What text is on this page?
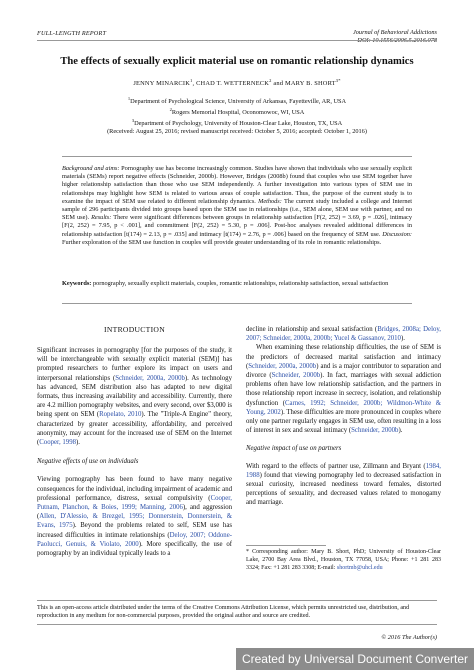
FULL-LENGTH REPORT	Journal of Behavioral Addictions
DOI: 10.1556/2006.5.2016.078
The effects of sexually explicit material use on romantic relationship dynamics
JENNY MINARCIK$^1$, CHAD T. WETTERNECK$^2$ and MARY B. $SHORT^{3*}$
$^1$Department of Psychological Science, University of Arkansas, Fayetteville, AR, USA
$^2$Rogers Memorial Hospital, Oconomowoc, WI, USA
$^3$Department of Psychology, University of Houston-Clear Lake, Houston, TX, USA
(Received: August 25, 2016; revised manuscript received: October 5, 2016; accepted: October 1, 2016)
Background and aims: Pornography use has become increasingly common. Studies have shown that individuals who use sexually explicit materials (SEMs) report negative effects (Schneider, 2000b). However, Bridges (2008b) found that couples who use SEM together have higher relationship satisfaction than those who use SEM independently. A further investigation into various types of SEM use in relationships may highlight how SEM is related to various areas of couple satisfaction. Thus, the purpose of the current study is to examine the impact of SEM use related to different relationship dynamics. Methods: The current study included a college and Internet sample of 296 participants divided into groups based upon the SEM use in relationships (i.e., SEM alone, SEM use with partner, and no SEM use). Results: There were significant differences between groups in relationship satisfaction [F(2, 252) = 3.69, p = .026], intimacy [F(2, 252) = 7.95, p < .001], and commitment [F(2, 252) = 5.30, p = .006]. Post-hoc analyses revealed additional differences in relationship satisfaction [t(174) = 2.13, p = .035] and intimacy [t(174) = 2.76, p = .006] based on the frequency of SEM use. Discussion: Further exploration of the SEM use function in couples will provide greater understanding of its role in romantic relationships.
Keywords: pornography, sexually explicit materials, couples, romantic relationships, relationship satisfaction, sexual satisfaction
INTRODUCTION

Significant increases in pornography [for the purposes of the study, it will be interchangeable with sexually explicit material (SEM)] has prompted researchers to further explore its impact on users and interpersonal relationships (Schneider, 2000a, 2000b). As technology has advanced, SEM distribution also has adapted to new digital formats, thus increasing availability and accessibility. Currently, there are 4.2 million pornography websites, and every second, over $3,000 is being spent on SEM (Ropelato, 2010). The "Triple-A Engine" theory, characterized by greater accessibility, affordability, and perceived anonymity, may account for the increased use of SEM on the Internet (Cooper, 1998).

Negative effects of use on individuals

Viewing pornography has been found to have many negative consequences for the individual, including impairment of academic and professional performance, distress, sexual compulsivity (Cooper, Putnam, Planchon, & Boies, 1999; Manning, 2006), and aggression (Allen, D'Alessio, & Brezgel, 1995; Donnerstein, Donnerstein, & Evans, 1975). Beyond the problems related to self, SEM use has increased difficulties in intimate relationships (Deloy, 2007; Oddone-Paolucci, Genuis, & Violato, 2000). More specifically, the use of pornography by an individual typically leads to a

decline in relationship and sexual satisfaction (Bridges, 2008a; Deloy, 2007; Schneider, 2000a, 2000b; Yucel & Gassanov, 2010).

When examining these relationship difficulties, the use of SEM is the predictors of decreased marital satisfaction and intimacy (Schneider, 2000a, 2000b) and is a major contributor to separation and divorce (Schneider, 2000b). In fact, marriages with sexual addiction problems often have low relationship satisfaction, and the partners in those relationship report increase in secrecy, isolation, and relationship dysfunction (Carnes, 1992; Schneider, 2000b; Wildmon-White & Young, 2002). These difficulties are more pronounced in couples where only one partner regularly engages in SEM use, often resulting in a loss of interest in sex and sexual intimacy (Schneider, 2000b).

Negative impact of use on partners

With regard to the effects of partner use, Zillmann and Bryant (1984, 1988) found that viewing pornography led to decreased satisfaction in sexual curiosity, increased neediness toward females, distorted perceptions of sexuality, and decreased values related to monogamy and marriage.

* Corresponding author: Mary B. Short, PhD; University of Houston-Clear Lake, 2700 Bay Area Blvd., Houston, TX 77058, USA; Phone: +1 281 283 3324; Fax: +1 281 283 3308; E-mail: shortmb@uhcl.edu
This is an open-access article distributed under the terms of the Creative Commons Attribution License, which permits unrestricted use, distribution, and reproduction in any medium for non-commercial purposes, provided the original author and source are credited.
© 2016 The Author(s)
Created by Universal Document Converter
